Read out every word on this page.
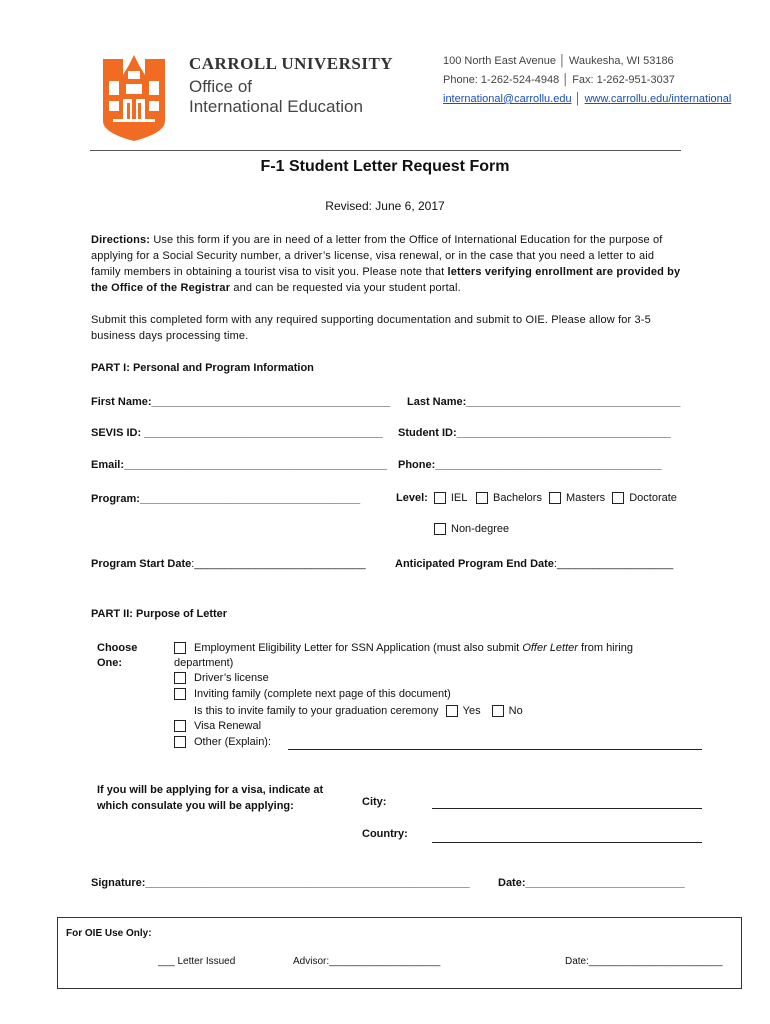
CARROLL UNIVERSITY
Office of
International Education
100 North East Avenue │ Waukesha, WI 53186
Phone: 1-262-524-4948 │ Fax: 1-262-951-3037
international@carrollu.edu │ www.carrollu.edu/international
F-1 Student Letter Request Form
Revised: June 6, 2017
Directions: Use this form if you are in need of a letter from the Office of International Education for the purpose of applying for a Social Security number, a driver’s license, visa renewal, or in the case that you need a letter to aid family members in obtaining a tourist visa to visit you. Please note that letters verifying enrollment are provided by the Office of the Registrar and can be requested via your student portal.
Submit this completed form with any required supporting documentation and submit to OIE. Please allow for 3-5 business days processing time.
PART I: Personal and Program Information
First Name:_______________________________________ Last Name:___________________________________
SEVIS ID: _______________________________________ Student ID:___________________________________
Email:___________________________________________ Phone:_____________________________________
Program:____________________________________	Level: IEL Bachelors Masters Doctorate
Non-degree
Program Start Date:____________________________	Anticipated Program End Date:___________________
PART II: Purpose of Letter
Choose
One:
Employment Eligibility Letter for SSN Application (must also submit Offer Letter from hiring
department)
Driver’s license
Inviting family (complete next page of this document)
Is this to invite family to your graduation ceremony Yes	No
Visa Renewal
Other (Explain):
If you will be applying for a visa, indicate at
which consulate you will be applying:	City:
Country:
Signature:_____________________________________________________	Date:__________________________
For OIE Use Only:
___ Letter Issued	Advisor:____________________	Date:________________________
